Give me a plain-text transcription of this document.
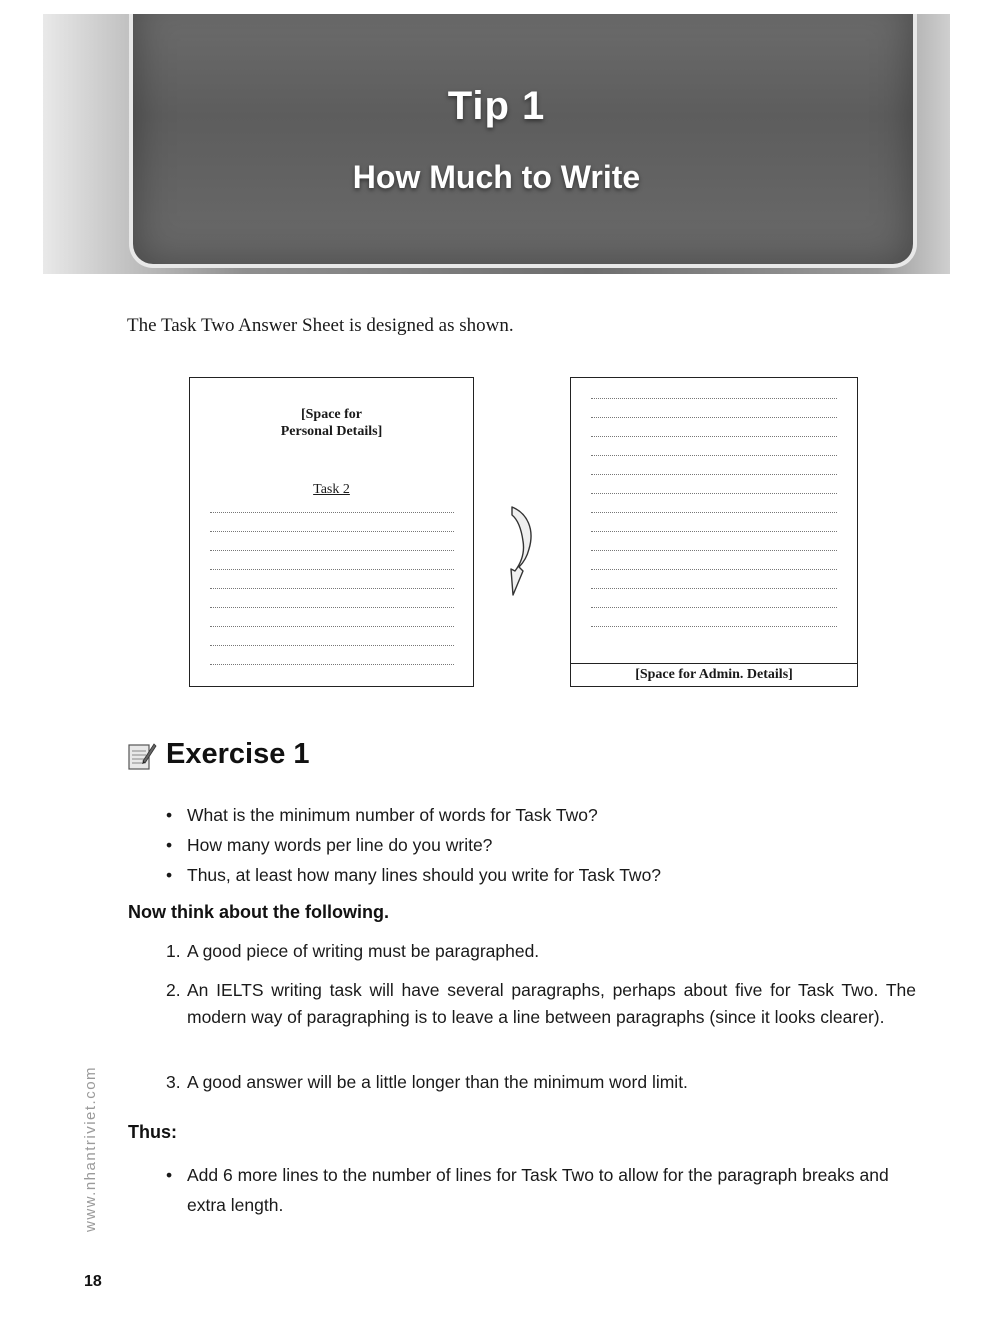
Tip 1
How Much to Write
The Task Two Answer Sheet is designed as shown.
[Space for
Personal Details]
Task 2
[Space for Admin. Details]
Exercise 1
• What is the minimum number of words for Task Two?
• How many words per line do you write?
• Thus, at least how many lines should you write for Task Two?
Now think about the following.
1. A good piece of writing must be paragraphed.
2. An IELTS writing task will have several paragraphs, perhaps about five for Task Two. The modern way of paragraphing is to leave a line between paragraphs (since it looks clearer).
3. A good answer will be a little longer than the minimum word limit.
Thus:
• Add 6 more lines to the number of lines for Task Two to allow for the paragraph breaks and extra length.
www.nhantriviet.com
18
